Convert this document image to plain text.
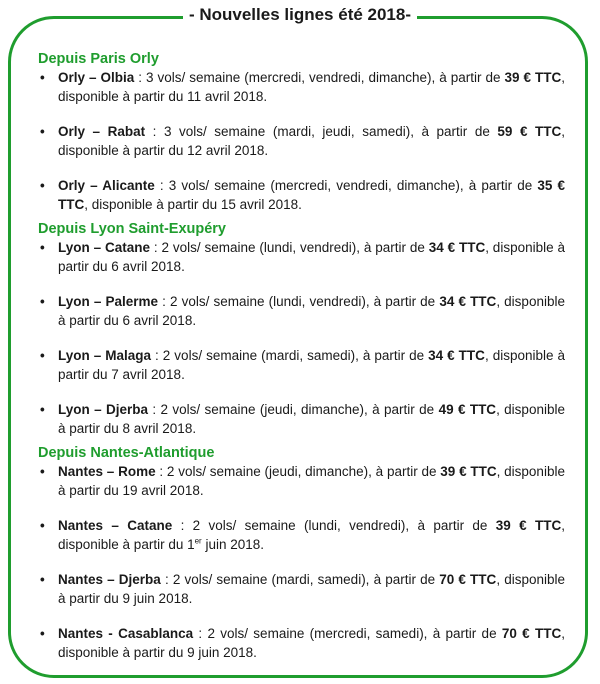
- Nouvelles lignes été 2018-

Depuis Paris Orly

• Orly – Olbia : 3 vols/ semaine (mercredi, vendredi, dimanche), à partir de 39 € TTC, disponible à partir du 11 avril 2018.
• Orly – Rabat : 3 vols/ semaine (mardi, jeudi, samedi), à partir de 59 € TTC, disponible à partir du 12 avril 2018.
• Orly – Alicante : 3 vols/ semaine (mercredi, vendredi, dimanche), à partir de 35 € TTC, disponible à partir du 15 avril 2018.

Depuis Lyon Saint-Exupéry

• Lyon – Catane : 2 vols/ semaine (lundi, vendredi), à partir de 34 € TTC, disponible à partir du 6 avril 2018.
• Lyon – Palerme : 2 vols/ semaine (lundi, vendredi), à partir de 34 € TTC, disponible à partir du 6 avril 2018.
• Lyon – Malaga : 2 vols/ semaine (mardi, samedi), à partir de 34 € TTC, disponible à partir du 7 avril 2018.
• Lyon – Djerba : 2 vols/ semaine (jeudi, dimanche), à partir de 49 € TTC, disponible à partir du 8 avril 2018.

Depuis Nantes-Atlantique

• Nantes – Rome : 2 vols/ semaine (jeudi, dimanche), à partir de 39 € TTC, disponible à partir du 19 avril 2018.
• Nantes – Catane : 2 vols/ semaine (lundi, vendredi), à partir de 39 € TTC, disponible à partir du 1er juin 2018.
• Nantes – Djerba : 2 vols/ semaine (mardi, samedi), à partir de 70 € TTC, disponible à partir du 9 juin 2018.
• Nantes - Casablanca : 2 vols/ semaine (mercredi, samedi), à partir de 70 € TTC, disponible à partir du 9 juin 2018.
